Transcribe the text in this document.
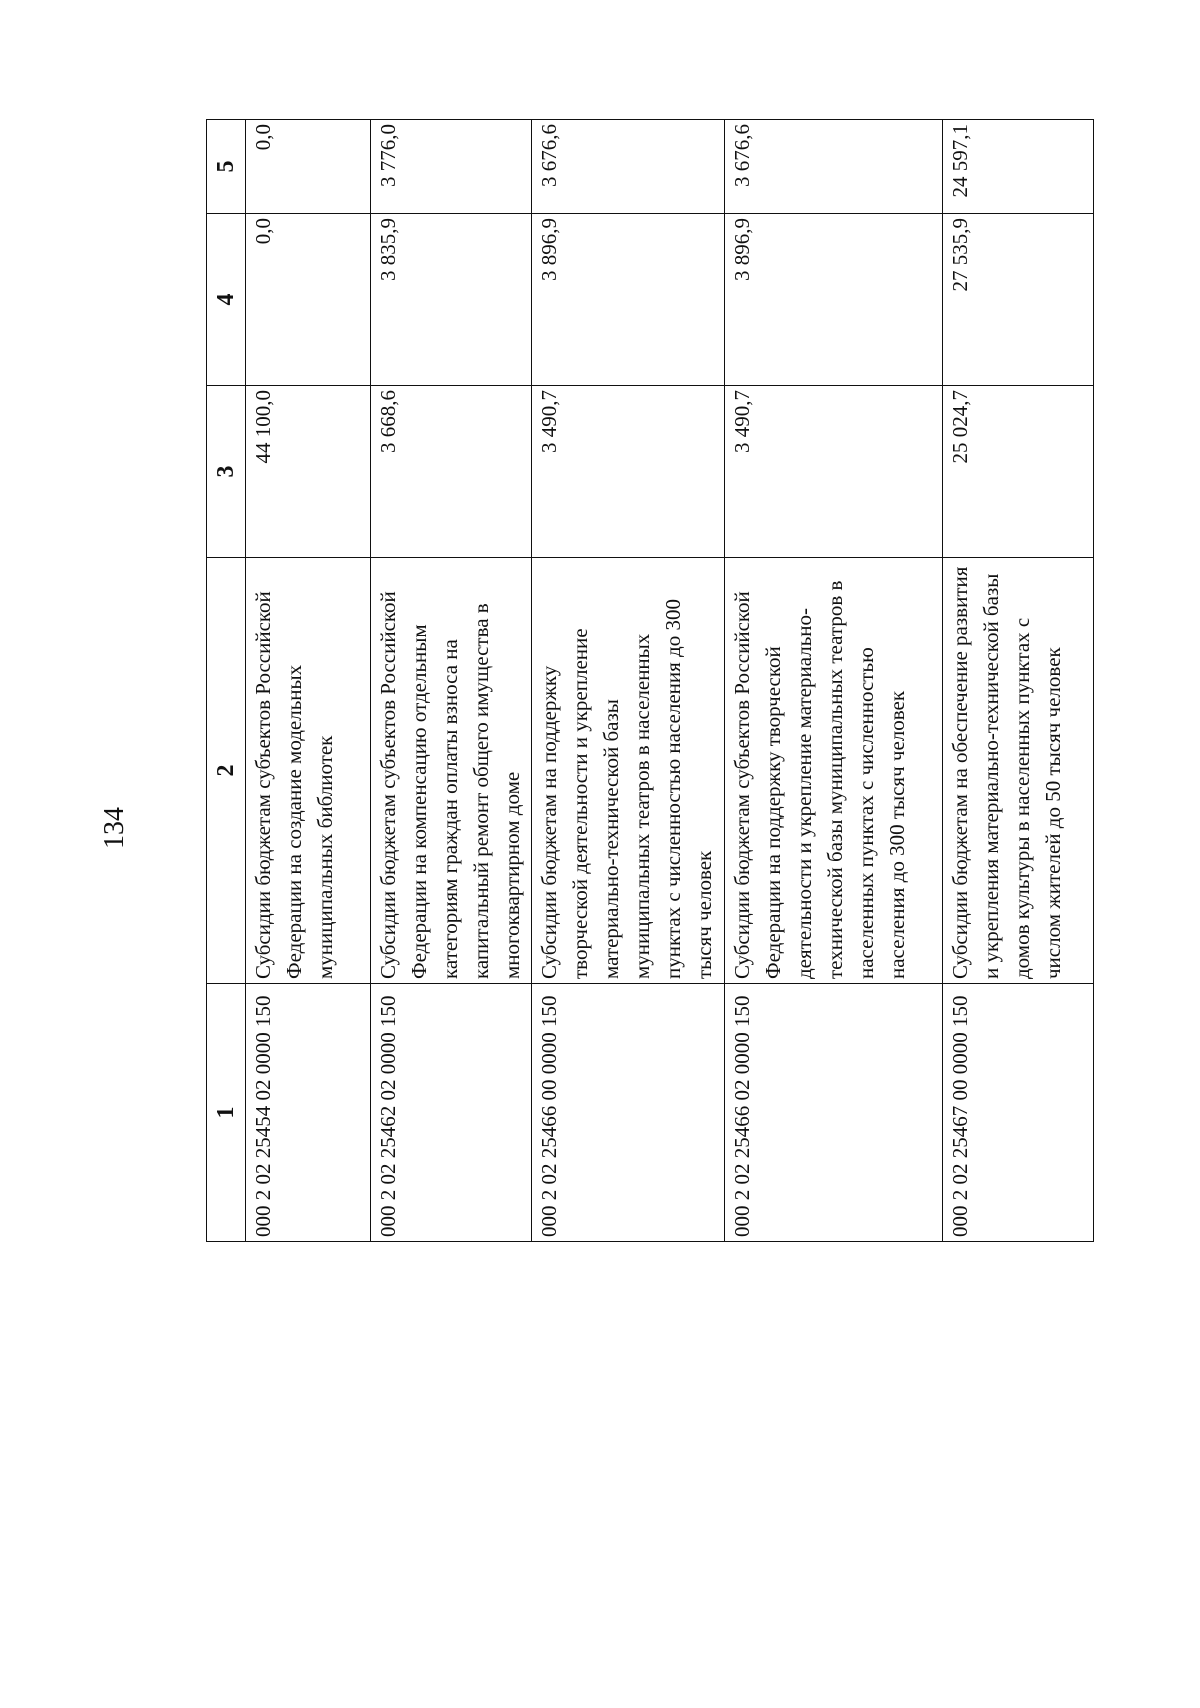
134
1	2	3	4	5
000 2 02 25454 02 0000 150	Субсидии бюджетам субъектов Российской Федерации на создание модельных муниципальных библиотек	44 100,0	0,0	0,0
000 2 02 25462 02 0000 150	Субсидии бюджетам субъектов Российской Федерации на компенсацию отдельным категориям граждан оплаты взноса на капитальный ремонт общего имущества в многоквартирном доме	3 668,6	3 835,9	3 776,0
000 2 02 25466 00 0000 150	Субсидии бюджетам на поддержку творческой деятельности и укрепление материально-технической базы муниципальных театров в населенных пунктах с численностью населения до 300 тысяч человек	3 490,7	3 896,9	3 676,6
000 2 02 25466 02 0000 150	Субсидии бюджетам субъектов Российской Федерации на поддержку творческой деятельности и укрепление материально-технической базы муниципальных театров в населенных пунктах с численностью населения до 300 тысяч человек	3 490,7	3 896,9	3 676,6
000 2 02 25467 00 0000 150	Субсидии бюджетам на обеспечение развития и укрепления материально-технической базы домов культуры в населенных пунктах с числом жителей до 50 тысяч человек	25 024,7	27 535,9	24 597,1
